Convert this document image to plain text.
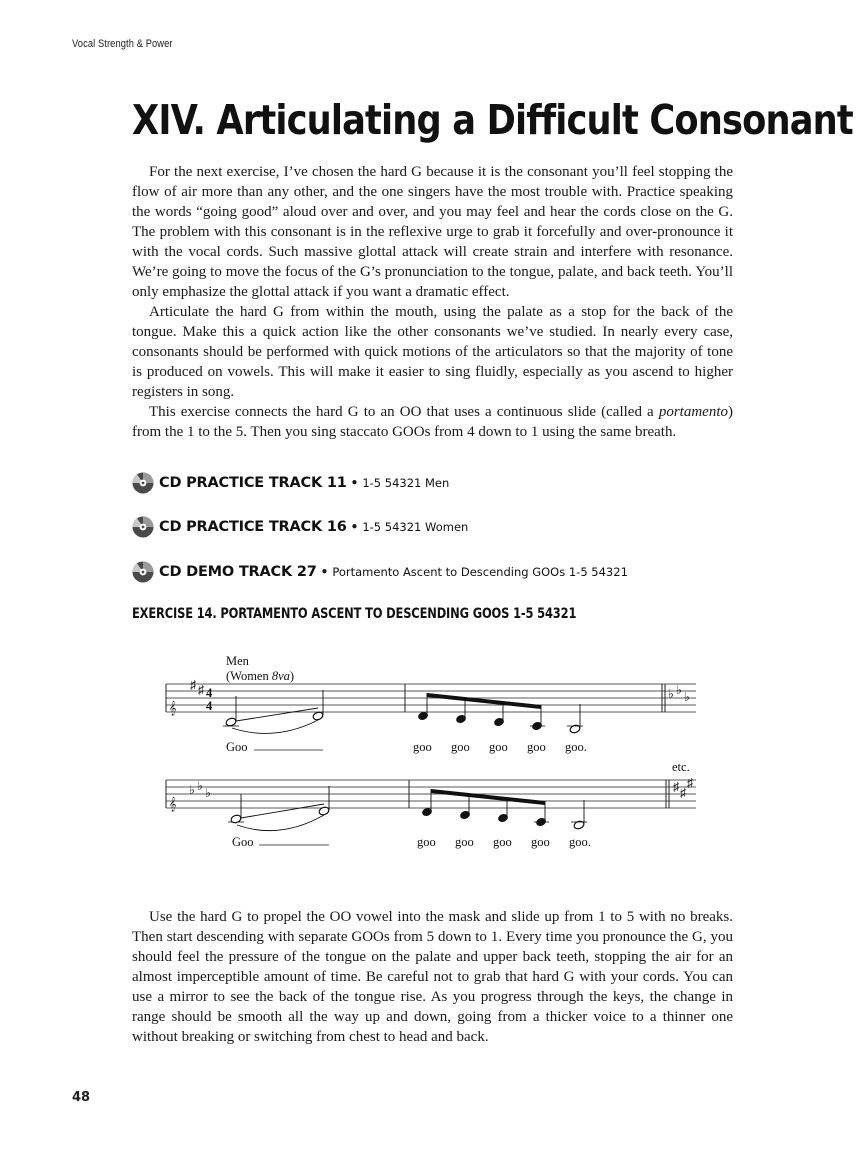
Vocal Strength & Power
XIV. Articulating a Difficult Consonant

For the next exercise, I’ve chosen the hard G because it is the consonant you’ll feel stopping the flow of air more than any other, and the one singers have the most trouble with. Practice speaking the words “going good” aloud over and over, and you may feel and hear the cords close on the G. The problem with this consonant is in the reflexive urge to grab it forcefully and over-pronounce it with the vocal cords. Such massive glottal attack will create strain and interfere with resonance. We’re going to move the focus of the G’s pronunciation to the tongue, palate, and back teeth. You’ll only emphasize the glottal attack if you want a dramatic effect.

Articulate the hard G from within the mouth, using the palate as a stop for the back of the tongue. Make this a quick action like the other consonants we’ve studied. In nearly every case, consonants should be performed with quick motions of the articulators so that the majority of tone is produced on vowels. This will make it easier to sing fluidly, especially as you ascend to higher registers in song.

This exercise connects the hard G to an OO that uses a continuous slide (called a portamento) from the 1 to the 5. Then you sing staccato GOOs from 4 down to 1 using the same breath.

CD PRACTICE TRACK 11 • 1-5 54321 Men
CD PRACTICE TRACK 16 • 1-5 54321 Women
CD DEMO TRACK 27 • Portamento Ascent to Descending GOOs 1-5 54321
EXERCISE 14. PORTAMENTO ASCENT TO DESCENDING GOOS 1-5 54321
Men
(Women 8va)
𝄞
♯ ♯ 4
4
♭ ♭ ♭
Goo	goo goo goo goo goo.
etc.
𝄞
♭ ♭ ♭	♯ ♯
♯
Goo	goo goo goo goo goo.

Use the hard G to propel the OO vowel into the mask and slide up from 1 to 5 with no breaks. Then start descending with separate GOOs from 5 down to 1. Every time you pronounce the G, you should feel the pressure of the tongue on the palate and upper back teeth, stopping the air for an almost imperceptible amount of time. Be careful not to grab that hard G with your cords. You can use a mirror to see the back of the tongue rise. As you progress through the keys, the change in range should be smooth all the way up and down, going from a thicker voice to a thinner one without breaking or switching from chest to head and back.

48
